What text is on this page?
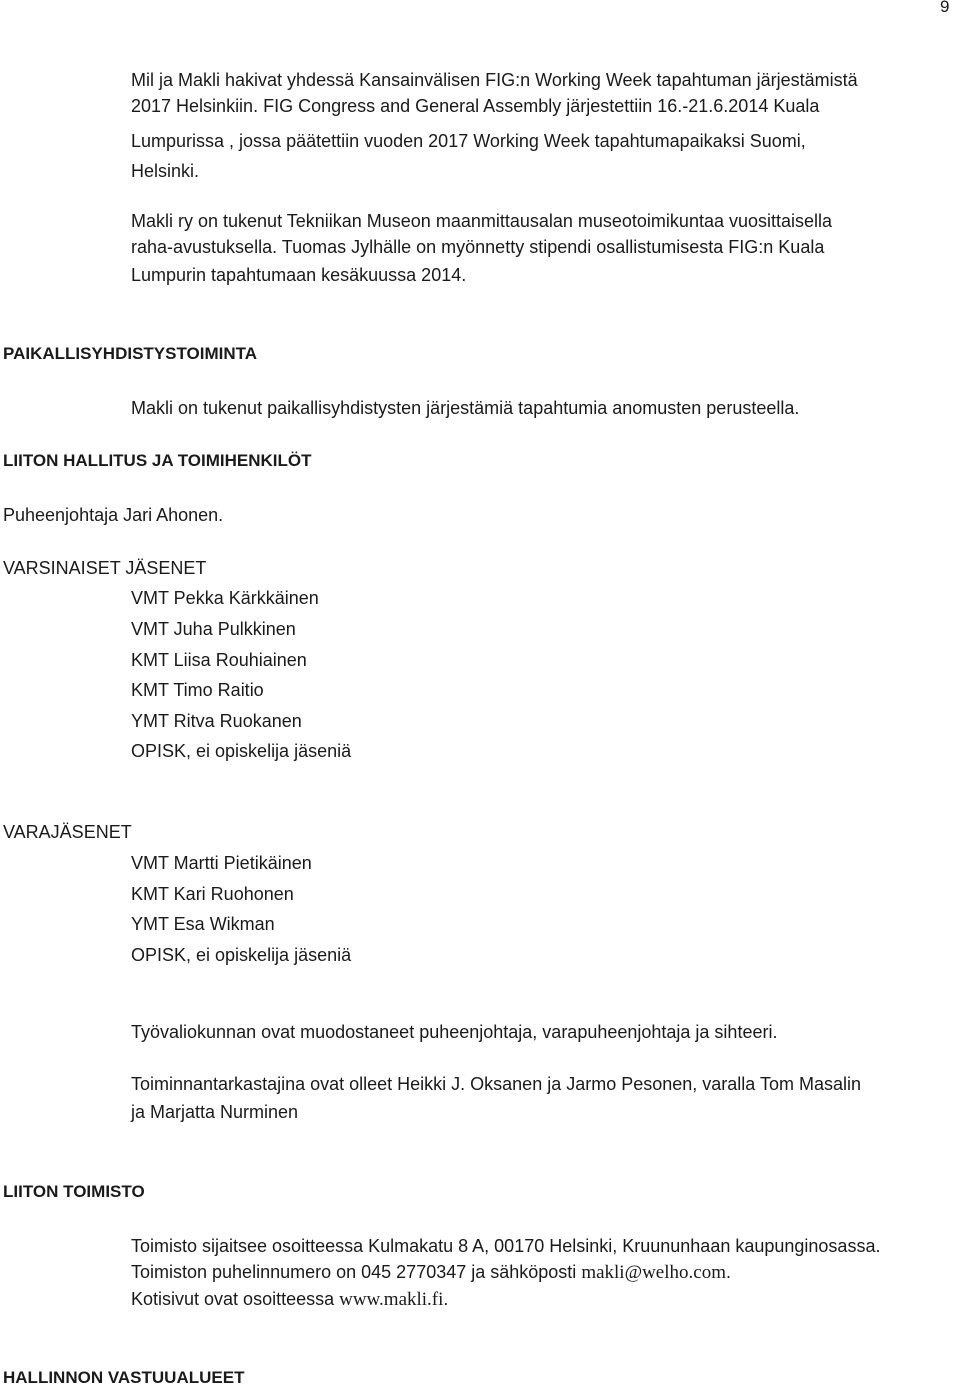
9
Mil ja Makli hakivat yhdessä Kansainvälisen FIG:n Working Week tapahtuman järjestämistä
2017 Helsinkiin. FIG Congress and General Assembly järjestettiin 16.-21.6.2014 Kuala
Lumpurissa , jossa päätettiin vuoden 2017 Working Week tapahtumapaikaksi Suomi,
Helsinki.
Makli ry on tukenut Tekniikan Museon maanmittausalan museotoimikuntaa vuosittaisella
raha-avustuksella. Tuomas Jylhälle on myönnetty stipendi osallistumisesta FIG:n Kuala
Lumpurin tapahtumaan kesäkuussa 2014.
PAIKALLISYHDISTYSTOIMINTA
Makli on tukenut paikallisyhdistysten järjestämiä tapahtumia anomusten perusteella.
LIITON HALLITUS JA TOIMIHENKILÖT
Puheenjohtaja Jari Ahonen.
VARSINAISET JÄSENET
VMT Pekka Kärkkäinen
VMT Juha Pulkkinen
KMT Liisa Rouhiainen
KMT Timo Raitio
YMT Ritva Ruokanen
OPISK, ei opiskelija jäseniä
VARAJÄSENET
VMT Martti Pietikäinen
KMT Kari Ruohonen
YMT Esa Wikman
OPISK, ei opiskelija jäseniä
Työvaliokunnan ovat muodostaneet puheenjohtaja, varapuheenjohtaja ja sihteeri.
Toiminnantarkastajina ovat olleet Heikki J. Oksanen ja Jarmo Pesonen, varalla Tom Masalin
ja Marjatta Nurminen
LIITON TOIMISTO
Toimisto sijaitsee osoitteessa Kulmakatu 8 A, 00170 Helsinki, Kruununhaan kaupunginosassa.
Toimiston puhelinnumero on 045 2770347 ja sähköposti makli@welho.com.
Kotisivut ovat osoitteessa www.makli.fi.
HALLINNON VASTUUALUEET
